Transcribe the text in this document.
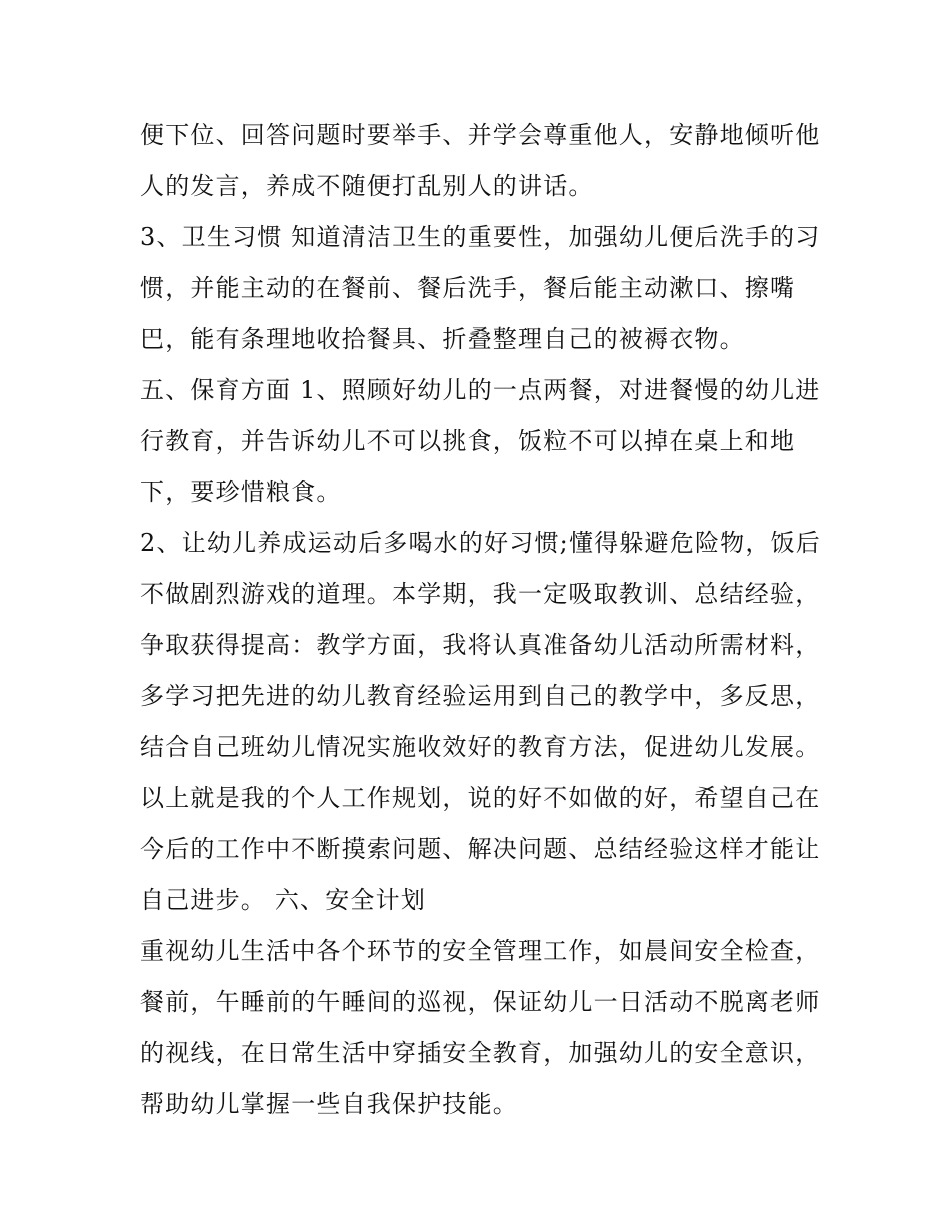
便下位、回答问题时要举手、并学会尊重他人，安静地倾听他
人的发言，养成不随便打乱别人的讲话。
3、卫生习惯 知道清洁卫生的重要性，加强幼儿便后洗手的习
惯，并能主动的在餐前、餐后洗手，餐后能主动漱口、擦嘴
巴，能有条理地收拾餐具、折叠整理自己的被褥衣物。
五、保育方面 1、照顾好幼儿的一点两餐，对进餐慢的幼儿进
行教育，并告诉幼儿不可以挑食，饭粒不可以掉在桌上和地
下，要珍惜粮食。
2、让幼儿养成运动后多喝水的好习惯;懂得躲避危险物，饭后
不做剧烈游戏的道理。本学期，我一定吸取教训、总结经验，
争取获得提高：教学方面，我将认真准备幼儿活动所需材料，
多学习把先进的幼儿教育经验运用到自己的教学中，多反思，
结合自己班幼儿情况实施收效好的教育方法，促进幼儿发展。
以上就是我的个人工作规划，说的好不如做的好，希望自己在
今后的工作中不断摸索问题、解决问题、总结经验这样才能让
自己进步。 六、安全计划
重视幼儿生活中各个环节的安全管理工作，如晨间安全检查，
餐前，午睡前的午睡间的巡视，保证幼儿一日活动不脱离老师
的视线，在日常生活中穿插安全教育，加强幼儿的安全意识，
帮助幼儿掌握一些自我保护技能。
